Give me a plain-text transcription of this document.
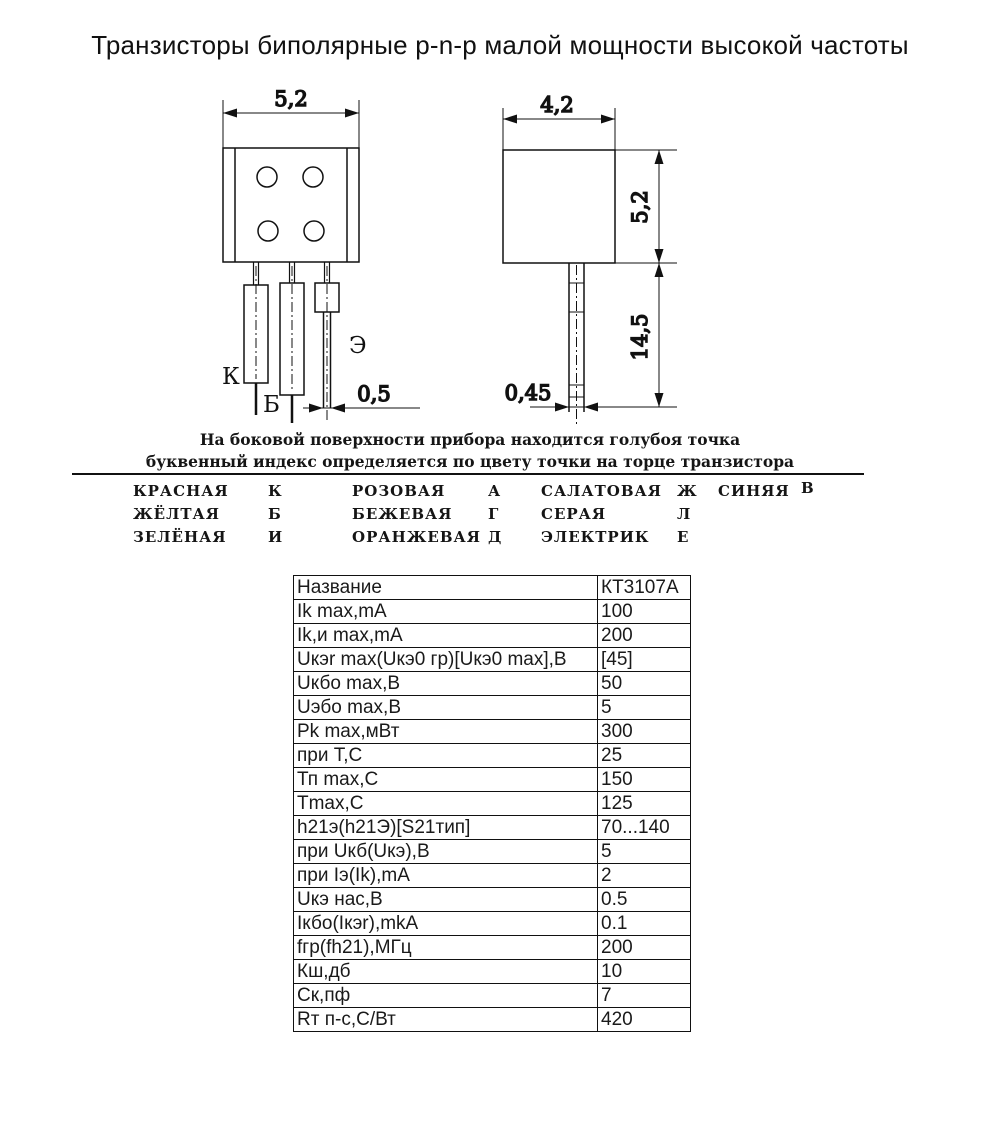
Транзисторы биполярные p-n-p малой мощности высокой частоты
5,2
К
Б
Э
0,5
4,2
5,2
14,5
0,45
На боковой поверхности прибора находится голубоя точка
буквенный индекс определяется по цвету точки на торце транзистора
КРАСНАЯ	К	РОЗОВАЯ	А	САЛАТОВАЯ Ж СИНЯЯ В
ЖЁЛТАЯ	Б	БЕЖЕВАЯ Г	СЕРАЯ	Л
ЗЕЛЁНАЯ	И	ОРАНЖЕВАЯ Д	ЭЛЕКТРИК Е
Название	КТ3107А
Ik max,mA	100
Ik,и max,mA	200
Uкэr max(Uкэ0 гр)[Uкэ0 max],В	[45]
Uкбо max,В	50
Uэбо max,В	5
Pk max,мВт	300
при T,C	25
Тп max,C	150
Tmax,C	125
h21э(h21Э)[S21тип]	70...140
при Uкб(Uкэ),В	5
при Iэ(Ik),mA	2
Uкэ нас,В	0.5
Iкбо(Iкэr),mkA	0.1
fгр(fh21),МГц	200
Кш,дб	10
Ск,пф	7
Rт п-с,С/Вт	420
